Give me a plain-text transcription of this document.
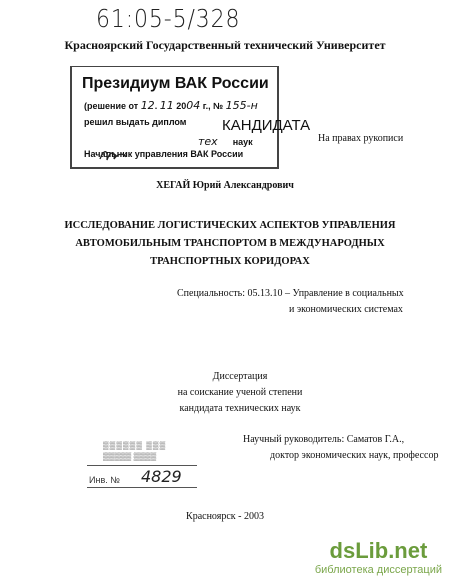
61:05-5/328
Красноярский Государственный технический Университет
Президиум ВАК России
(решение от 12. 11 2004 г., № 155-н
решил выдать диплом КАНДИДАТА
тех наук
Начальник управления ВАК России
На правах рукописи
ХЕГАЙ Юрий Александрович
ИССЛЕДОВАНИЕ ЛОГИСТИЧЕСКИХ АСПЕКТОВ УПРАВЛЕНИЯ
АВТОМОБИЛЬНЫМ ТРАНСПОРТОМ В МЕЖДУНАРОДНЫХ
ТРАНСПОРТНЫХ КОРИДОРАХ
Специальность: 05.13.10 – Управление в социальных
и экономических системах
Диссертация
на соискание ученой степени
кандидата технических наук
Научный руководитель: Саматов Г.А.,
доктор экономических наук, профессор
▒▒▒▒▒▒ ▒▒▒
▒▒▒▒▒ ▒▒▒▒
Инв. № 4829
Красноярск - 2003
dsLib.net
библиотека диссертаций
